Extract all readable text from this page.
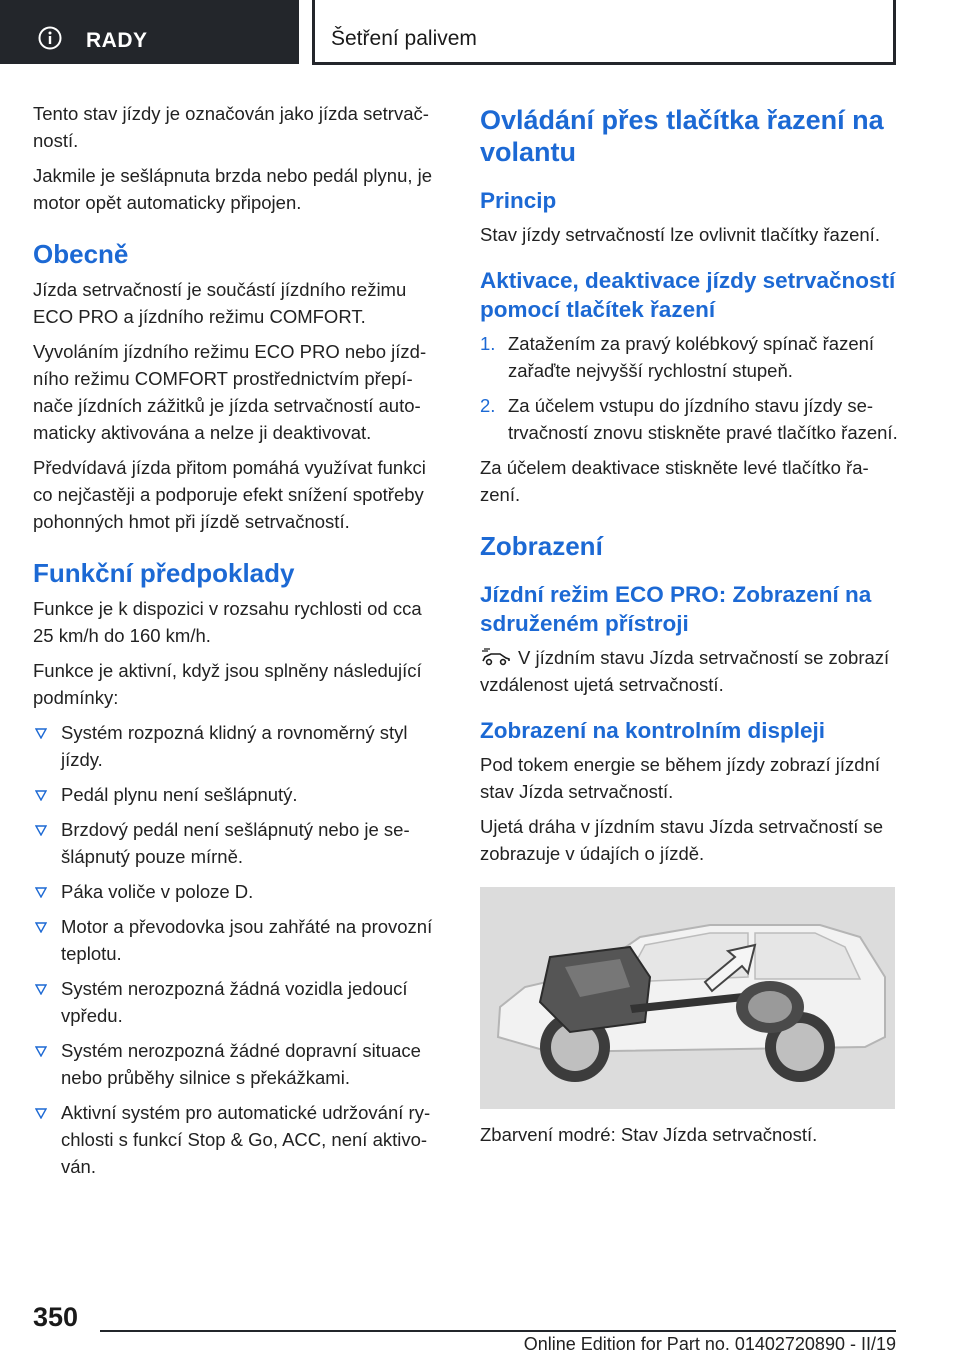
RADY	Šetření palivem

Tento stav jízdy je označován jako jízda setrvačností.

Jakmile je sešlápnuta brzda nebo pedál plynu, je motor opět automaticky připojen.

Obecně

Jízda setrvačností je součástí jízdního režimu ECO PRO a jízdního režimu COMFORT.

Vyvoláním jízdního režimu ECO PRO nebo jízdního režimu COMFORT prostřednictvím přepínače jízdních zážitků je jízda setrvačností automaticky aktivována a nelze ji deaktivovat.

Předvídavá jízda přitom pomáhá využívat funkci co nejčastěji a podporuje efekt snížení spotřeby pohonných hmot při jízdě setrvačností.

Funkční předpoklady

Funkce je k dispozici v rozsahu rychlosti od cca 25 km/h do 160 km/h.

Funkce je aktivní, když jsou splněny následující podmínky:

Systém rozpozná klidný a rovnoměrný styl jízdy.
Pedál plynu není sešlápnutý.
Brzdový pedál není sešlápnutý nebo je sešlápnutý pouze mírně.
Páka voliče v poloze D.
Motor a převodovka jsou zahřáté na provozní teplotu.
Systém nerozpozná žádná vozidla jedoucí vpředu.
Systém nerozpozná žádné dopravní situace nebo průběhy silnice s překážkami.
Aktivní systém pro automatické udržování rychlosti s funkcí Stop & Go, ACC, není aktivován.
Ovládání přes tlačítka řazení na volantu
Princip

Stav jízdy setrvačností lze ovlivnit tlačítky řazení.

Aktivace, deaktivace jízdy setrvačností pomocí tlačítek řazení
1. Zatažením za pravý kolébkový spínač řazení zařaďte nejvyšší rychlostní stupeň.
2. Za účelem vstupu do jízdního stavu jízdy setrvačností znovu stiskněte pravé tlačítko řazení.

Za účelem deaktivace stiskněte levé tlačítko řazení.

Zobrazení
Jízdní režim ECO PRO: Zobrazení na sdruženém přístroji

V jízdním stavu Jízda setrvačností se zobrazí vzdálenost ujetá setrvačností.

Zobrazení na kontrolním displeji

Pod tokem energie se během jízdy zobrazí jízdní stav Jízda setrvačností.

Ujetá dráha v jízdním stavu Jízda setrvačností se zobrazuje v údajích o jízdě.

Zbarvení modré: Stav Jízda setrvačností.

350
Online Edition for Part no. 01402720890 - II/19
